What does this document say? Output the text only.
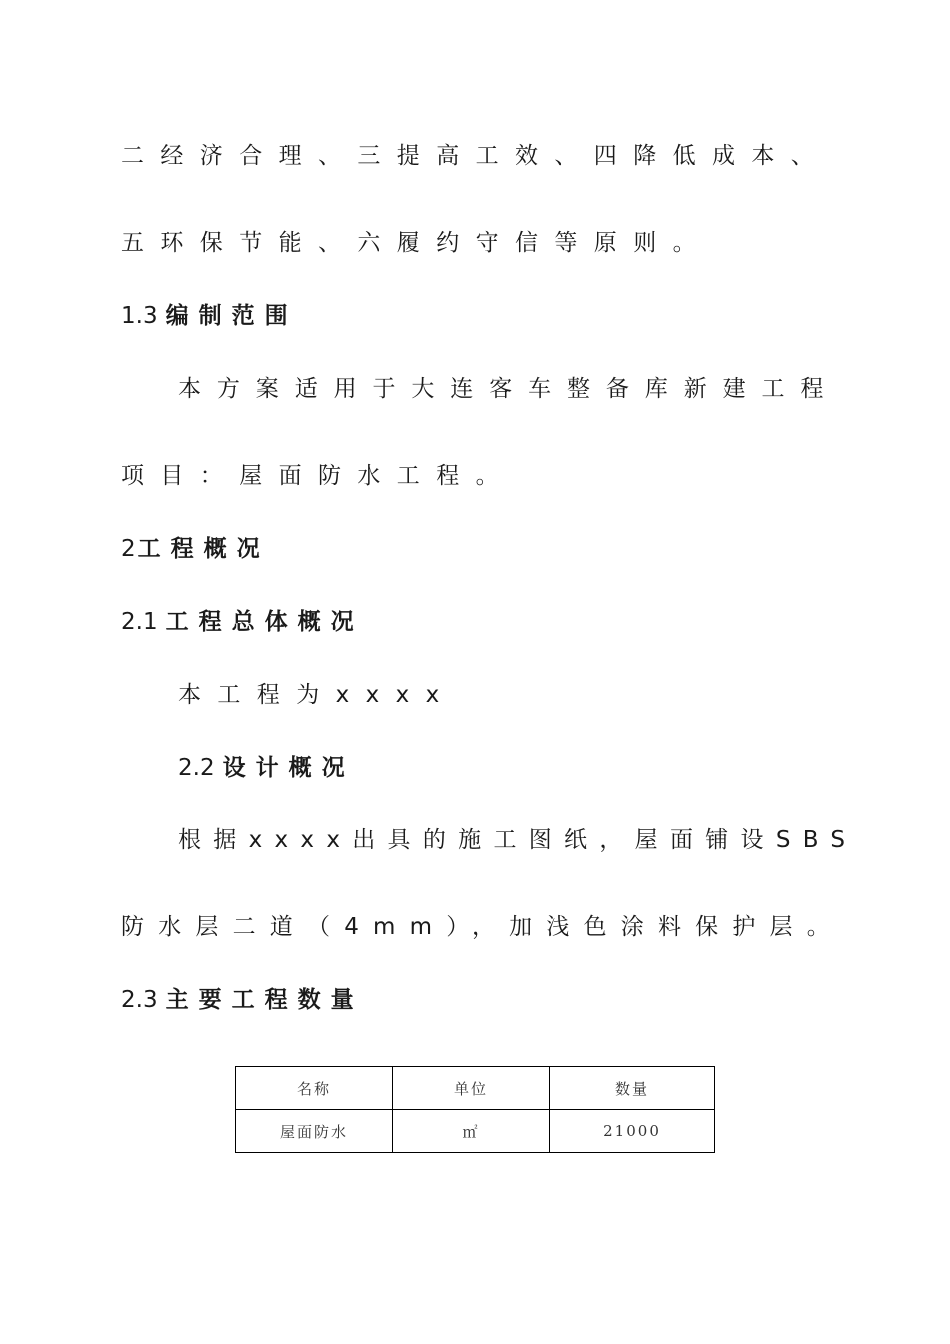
二经济合理、三提高工效、四降低成本、
五环保节能、六履约守信等原则。
1.3 编制范围
本方案适用于大连客车整备库新建工程
项目：屋面防水工程。
2工程概况
2.1 工程总体概况
本工程为xxxx
2.2 设计概况
根据xxxx出具的施工图纸，屋面铺设SBS
防水层二道（4mm），加浅色涂料保护层。
2.3 主要工程数量
名称	单位	数量
屋面防水	㎡	21000
